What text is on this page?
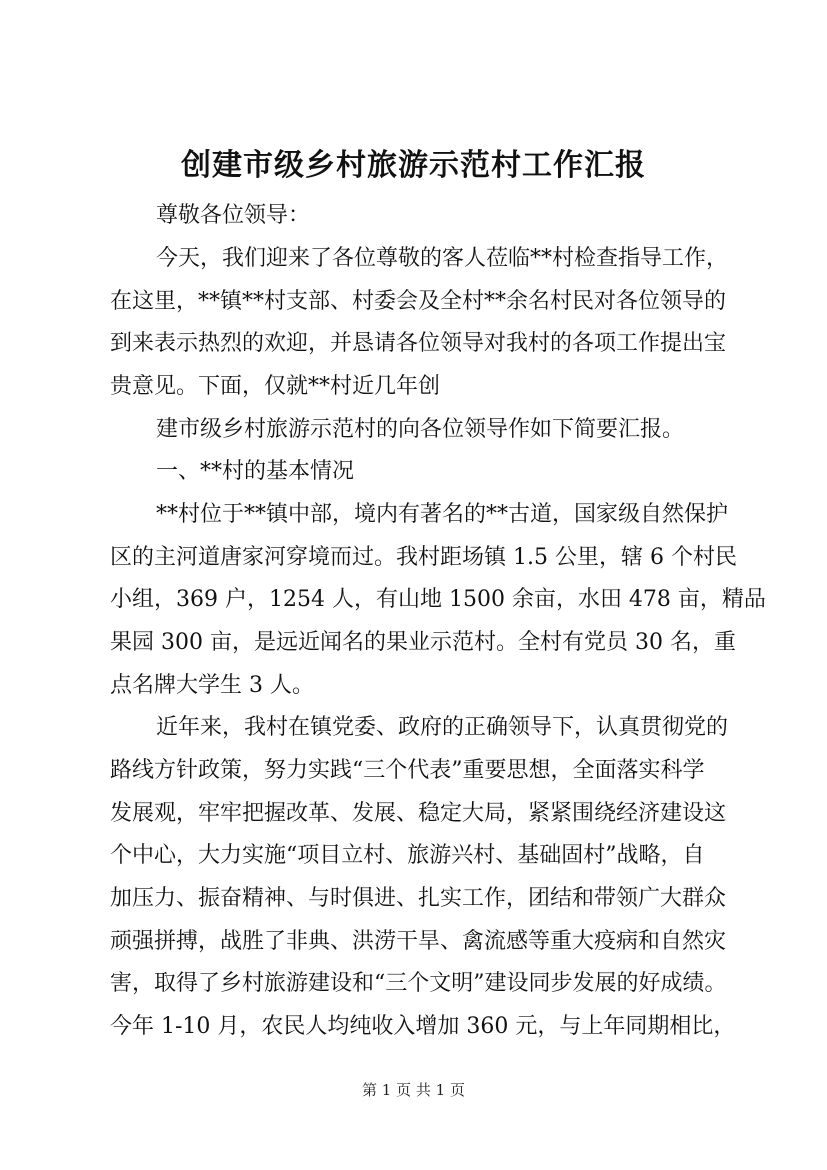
创建市级乡村旅游示范村工作汇报
尊敬各位领导：
今天，我们迎来了各位尊敬的客人莅临**村检查指导工作，
在这里，**镇**村支部、村委会及全村**余名村民对各位领导的
到来表示热烈的欢迎，并恳请各位领导对我村的各项工作提出宝
贵意见。下面，仅就**村近几年创
建市级乡村旅游示范村的向各位领导作如下简要汇报。
一、**村的基本情况
**村位于**镇中部，境内有著名的**古道，国家级自然保护
区的主河道唐家河穿境而过。我村距场镇 1.5 公里，辖 6 个村民
小组，369 户，1254 人，有山地 1500 余亩，水田 478 亩，精品
果园 300 亩，是远近闻名的果业示范村。全村有党员 30 名，重
点名牌大学生 3 人。
近年来，我村在镇党委、政府的正确领导下，认真贯彻党的
路线方针政策，努力实践“三个代表”重要思想，全面落实科学
发展观，牢牢把握改革、发展、稳定大局，紧紧围绕经济建设这
个中心，大力实施“项目立村、旅游兴村、基础固村”战略，自
加压力、振奋精神、与时俱进、扎实工作，团结和带领广大群众
顽强拼搏，战胜了非典、洪涝干旱、禽流感等重大疫病和自然灾
害，取得了乡村旅游建设和“三个文明”建设同步发展的好成绩。
今年 1-10 月，农民人均纯收入增加 360 元，与上年同期相比，
第 1 页 共 1 页
